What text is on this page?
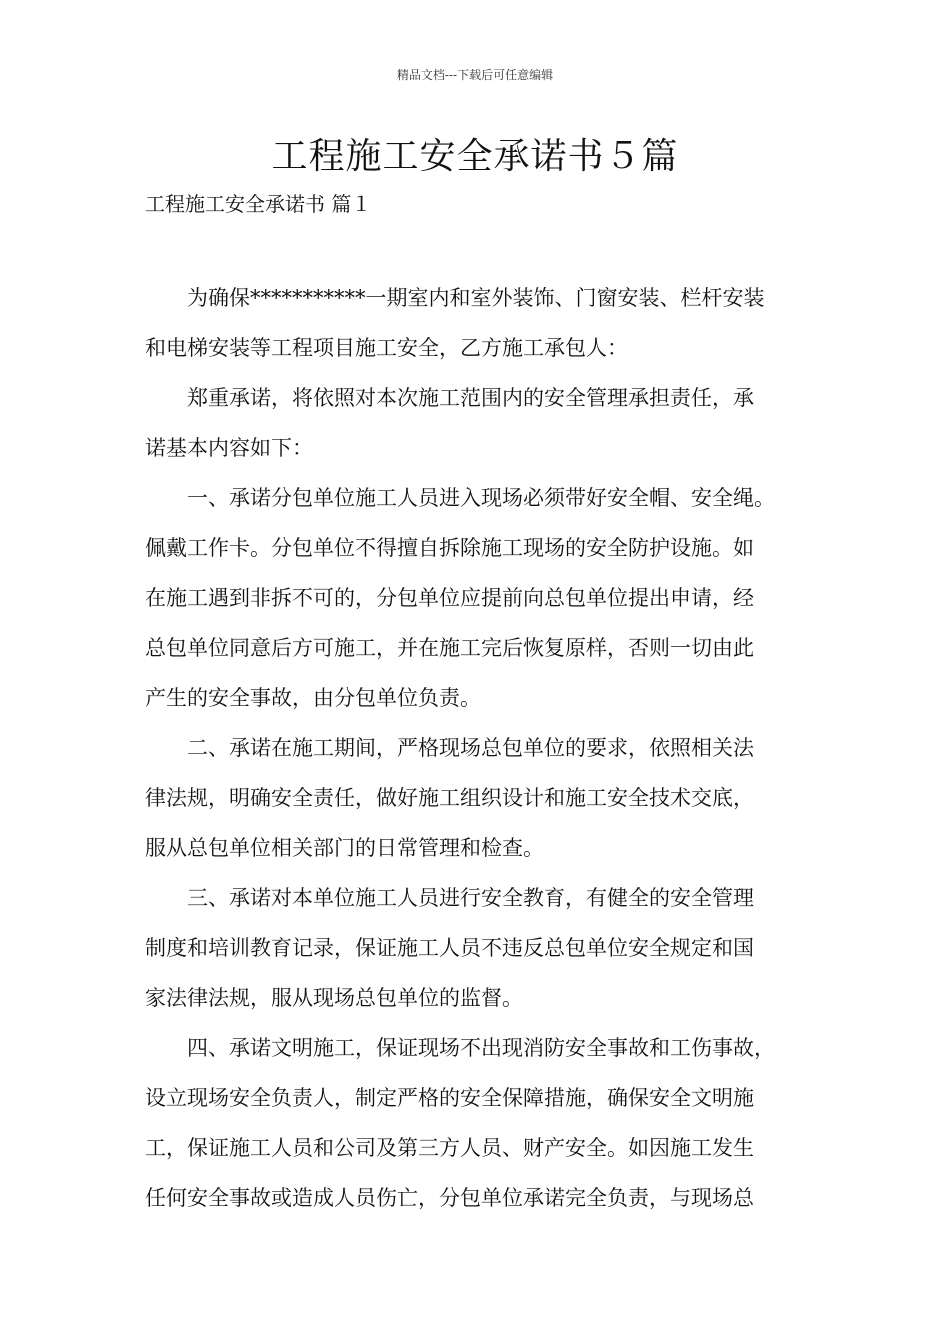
精品文档---下载后可任意编辑
工程施工安全承诺书５篇
工程施工安全承诺书 篇１
　　为确保***********一期室内和室外装饰、门窗安装、栏杆安装
和电梯安装等工程项目施工安全，乙方施工承包人：
　　郑重承诺，将依照对本次施工范围内的安全管理承担责任，承
诺基本内容如下：
　　一、承诺分包单位施工人员进入现场必须带好安全帽、安全绳。
佩戴工作卡。分包单位不得擅自拆除施工现场的安全防护设施。如
在施工遇到非拆不可的，分包单位应提前向总包单位提出申请，经
总包单位同意后方可施工，并在施工完后恢复原样，否则一切由此
产生的安全事故，由分包单位负责。
　　二、承诺在施工期间，严格现场总包单位的要求，依照相关法
律法规，明确安全责任，做好施工组织设计和施工安全技术交底，
服从总包单位相关部门的日常管理和检查。
　　三、承诺对本单位施工人员进行安全教育，有健全的安全管理
制度和培训教育记录，保证施工人员不违反总包单位安全规定和国
家法律法规，服从现场总包单位的监督。
　　四、承诺文明施工，保证现场不出现消防安全事故和工伤事故，
设立现场安全负责人，制定严格的安全保障措施，确保安全文明施
工，保证施工人员和公司及第三方人员、财产安全。如因施工发生
任何安全事故或造成人员伤亡，分包单位承诺完全负责，与现场总
